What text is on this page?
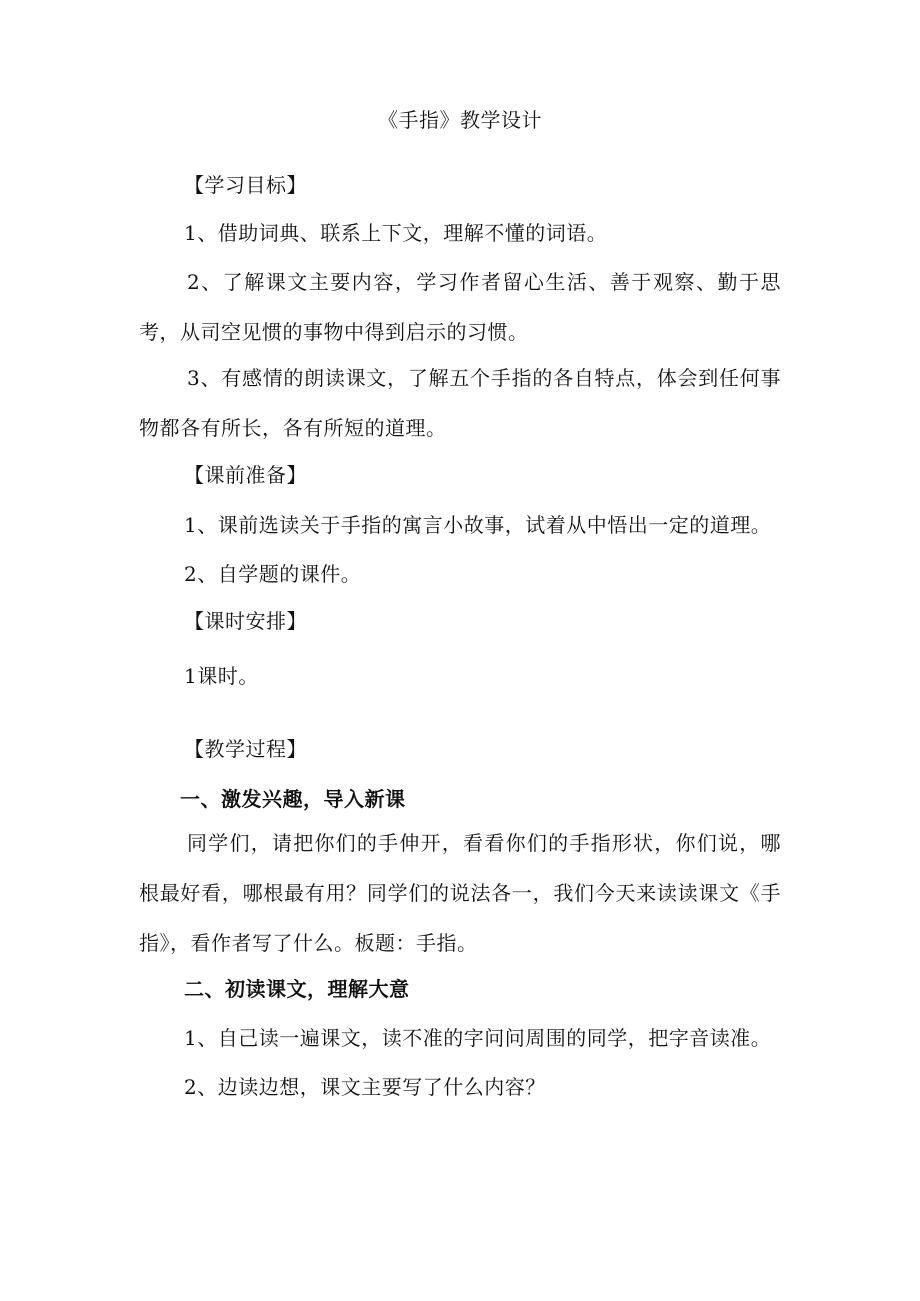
《手指》教学设计
【学习目标】
1、借助词典、联系上下文，理解不懂的词语。
2、了解课文主要内容，学习作者留心生活、善于观察、勤于思考，从司空见惯的事物中得到启示的习惯。
3、有感情的朗读课文，了解五个手指的各自特点，体会到任何事物都各有所长，各有所短的道理。
【课前准备】
1、课前选读关于手指的寓言小故事，试着从中悟出一定的道理。
2、自学题的课件。
【课时安排】
1课时。
【教学过程】
一、激发兴趣，导入新课
同学们，请把你们的手伸开，看看你们的手指形状，你们说，哪根最好看，哪根最有用？同学们的说法各一，我们今天来读读课文《手指》，看作者写了什么。板题：手指。
二、初读课文，理解大意
1、自己读一遍课文，读不准的字问问周围的同学，把字音读准。
2、边读边想，课文主要写了什么内容？
